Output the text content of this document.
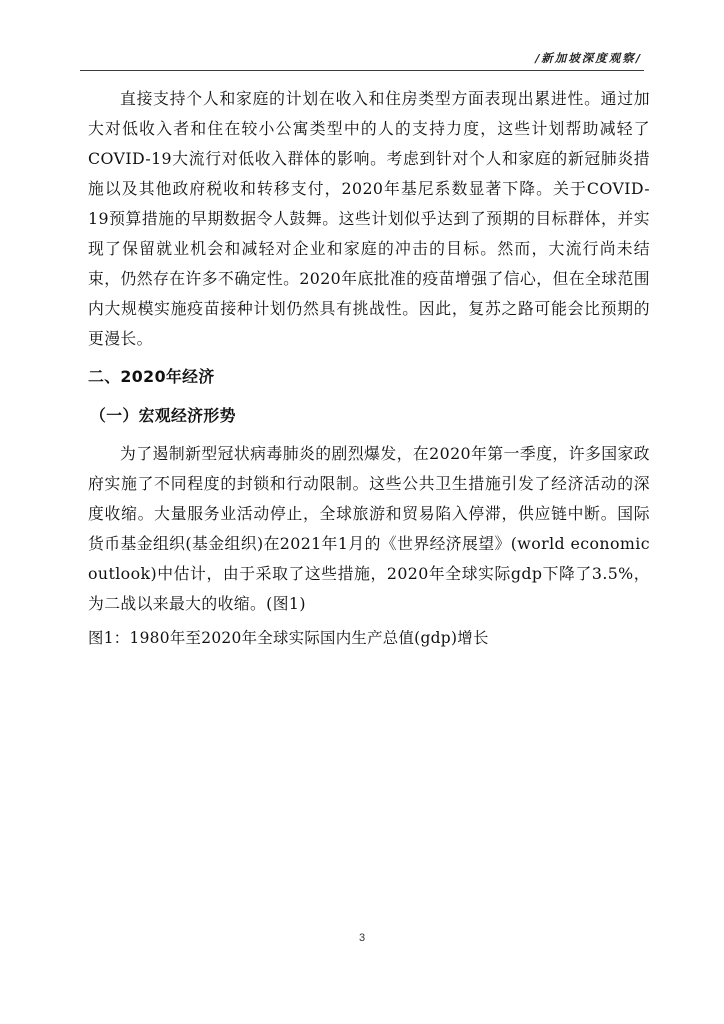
/新加坡深度观察/

直接支持个人和家庭的计划在收入和住房类型方面表现出累进性。通过加大对低收入者和住在较小公寓类型中的人的支持力度，这些计划帮助减轻了COVID-19大流行对低收入群体的影响。考虑到针对个人和家庭的新冠肺炎措施以及其他政府税收和转移支付，2020年基尼系数显著下降。关于COVID-19预算措施的早期数据令人鼓舞。这些计划似乎达到了预期的目标群体，并实现了保留就业机会和减轻对企业和家庭的冲击的目标。然而，大流行尚未结束，仍然存在许多不确定性。2020年底批准的疫苗增强了信心，但在全球范围内大规模实施疫苗接种计划仍然具有挑战性。因此，复苏之路可能会比预期的更漫长。

二、2020年经济

（一）宏观经济形势

为了遏制新型冠状病毒肺炎的剧烈爆发，在2020年第一季度，许多国家政府实施了不同程度的封锁和行动限制。这些公共卫生措施引发了经济活动的深度收缩。大量服务业活动停止，全球旅游和贸易陷入停滞，供应链中断。国际货币基金组织(基金组织)在2021年1月的《世界经济展望》(world economic outlook)中估计，由于采取了这些措施，2020年全球实际gdp下降了3.5%，为二战以来最大的收缩。(图1)

图1：1980年至2020年全球实际国内生产总值(gdp)增长

3
